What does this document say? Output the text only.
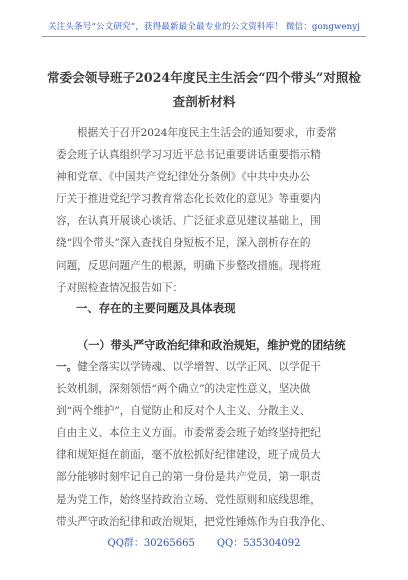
关注头条号“公文研究”，获得最新最全最专业的公文资料库！ 微信：gongwenyj
常委会领导班子2024年度民主生活会“四个带头”对照检
查剖析材料
根据关于召开2024年度民主生活会的通知要求，市委常
委会班子认真组织学习习近平总书记重要讲话重要指示精
神和党章、《中国共产党纪律处分条例》《中共中央办公
厅关于推进党纪学习教育常态化长效化的意见》等重要内
容，在认真开展谈心谈话、广泛征求意见建议基础上，围
绕“四个带头”深入查找自身短板不足，深入剖析存在的
问题，反思问题产生的根源，明确下步整改措施。现将班
子对照检查情况报告如下：
一、存在的主要问题及具体表现
（一）带头严守政治纪律和政治规矩，维护党的团结统
一。健全落实以学铸魂、以学增智、以学正风、以学促干
长效机制，深刻领悟“两个确立”的决定性意义，坚决做
到“两个维护”，自觉防止和反对个人主义、分散主义、
自由主义、本位主义方面。市委常委会班子始终坚持把纪
律和规矩挺在前面，毫不放松抓好纪律建设，班子成员大
部分能够时刻牢记自己的第一身份是共产党员，第一职责
是为党工作，始终坚持政治立场、党性原则和底线思维，
带头严守政治纪律和政治规矩，把党性锤炼作为自我净化、
QQ群：30265665 QQ：535304092
